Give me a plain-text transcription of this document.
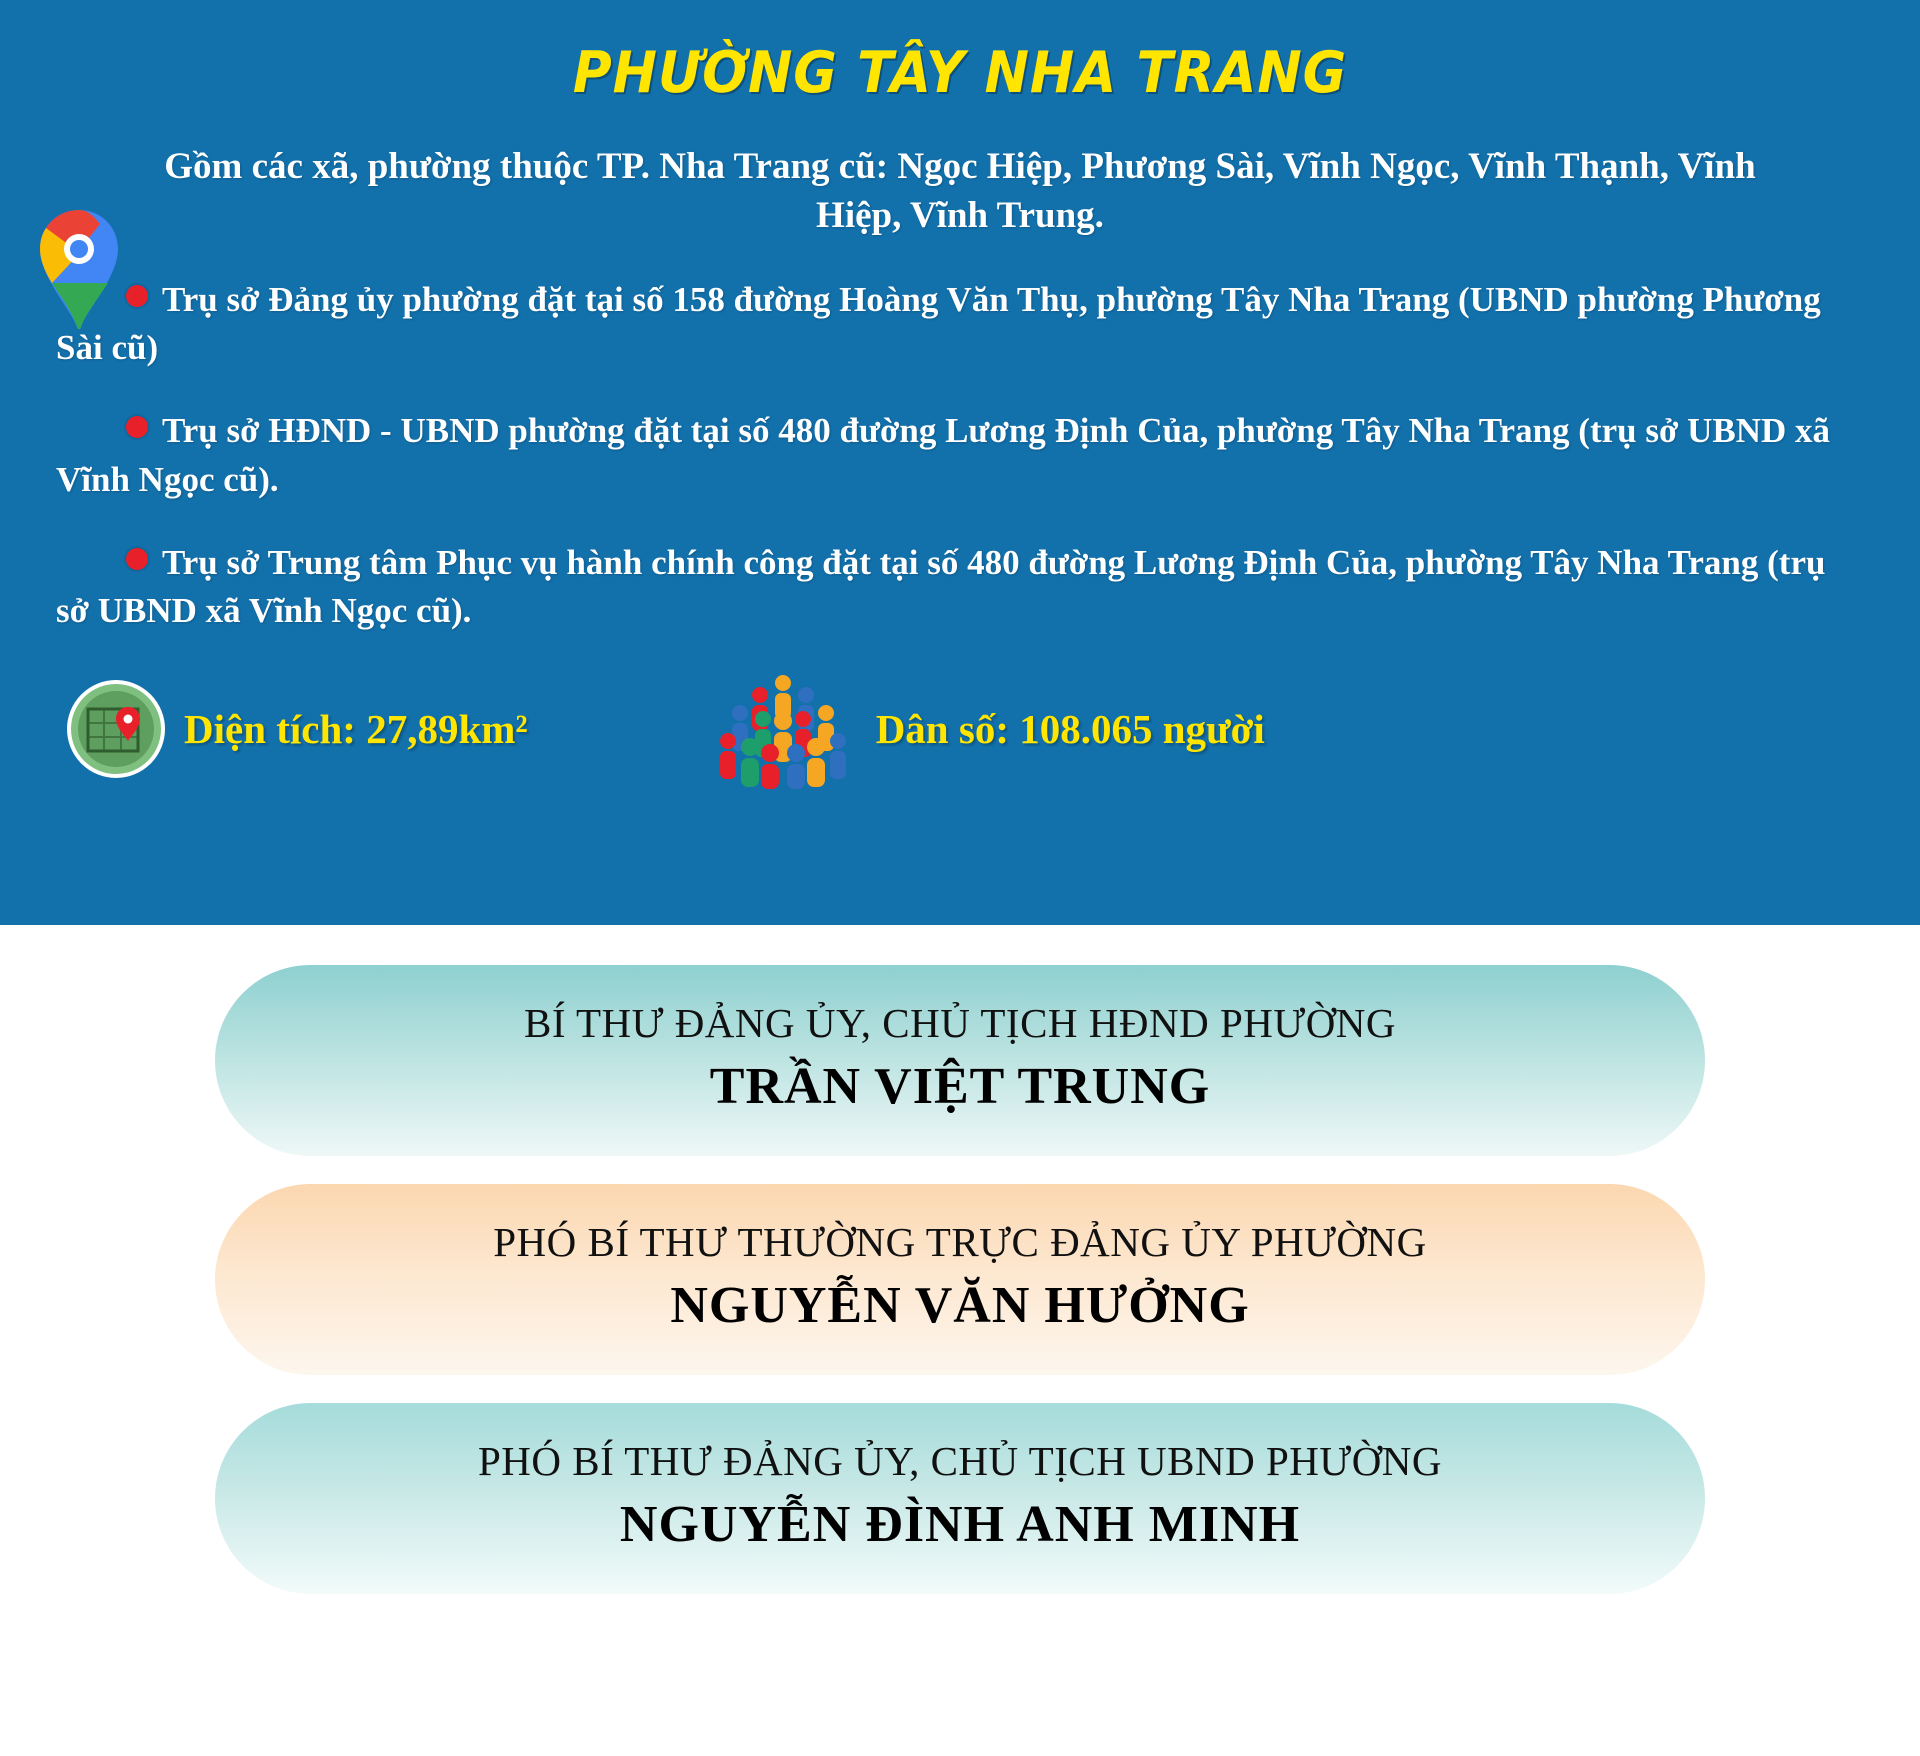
PHƯỜNG TÂY NHA TRANG

Gồm các xã, phường thuộc TP. Nha Trang cũ: Ngọc Hiệp, Phương Sài, Vĩnh Ngọc, Vĩnh Thạnh, Vĩnh Hiệp, Vĩnh Trung.

Trụ sở Đảng ủy phường đặt tại số 158 đường Hoàng Văn Thụ, phường Tây Nha Trang (UBND phường Phương Sài cũ)

Trụ sở HĐND - UBND phường đặt tại số 480 đường Lương Định Của, phường Tây Nha Trang (trụ sở UBND xã Vĩnh Ngọc cũ).

Trụ sở Trung tâm Phục vụ hành chính công đặt tại số 480 đường Lương Định Của, phường Tây Nha Trang (trụ sở UBND xã Vĩnh Ngọc cũ).

Diện tích: 27,89km²	Dân số: 108.065 người
BÍ THƯ ĐẢNG ỦY, CHỦ TỊCH HĐND PHƯỜNG
TRẦN VIỆT TRUNG
PHÓ BÍ THƯ THƯỜNG TRỰC ĐẢNG ỦY PHƯỜNG
NGUYỄN VĂN HƯỞNG
PHÓ BÍ THƯ ĐẢNG ỦY, CHỦ TỊCH UBND PHƯỜNG
NGUYỄN ĐÌNH ANH MINH
